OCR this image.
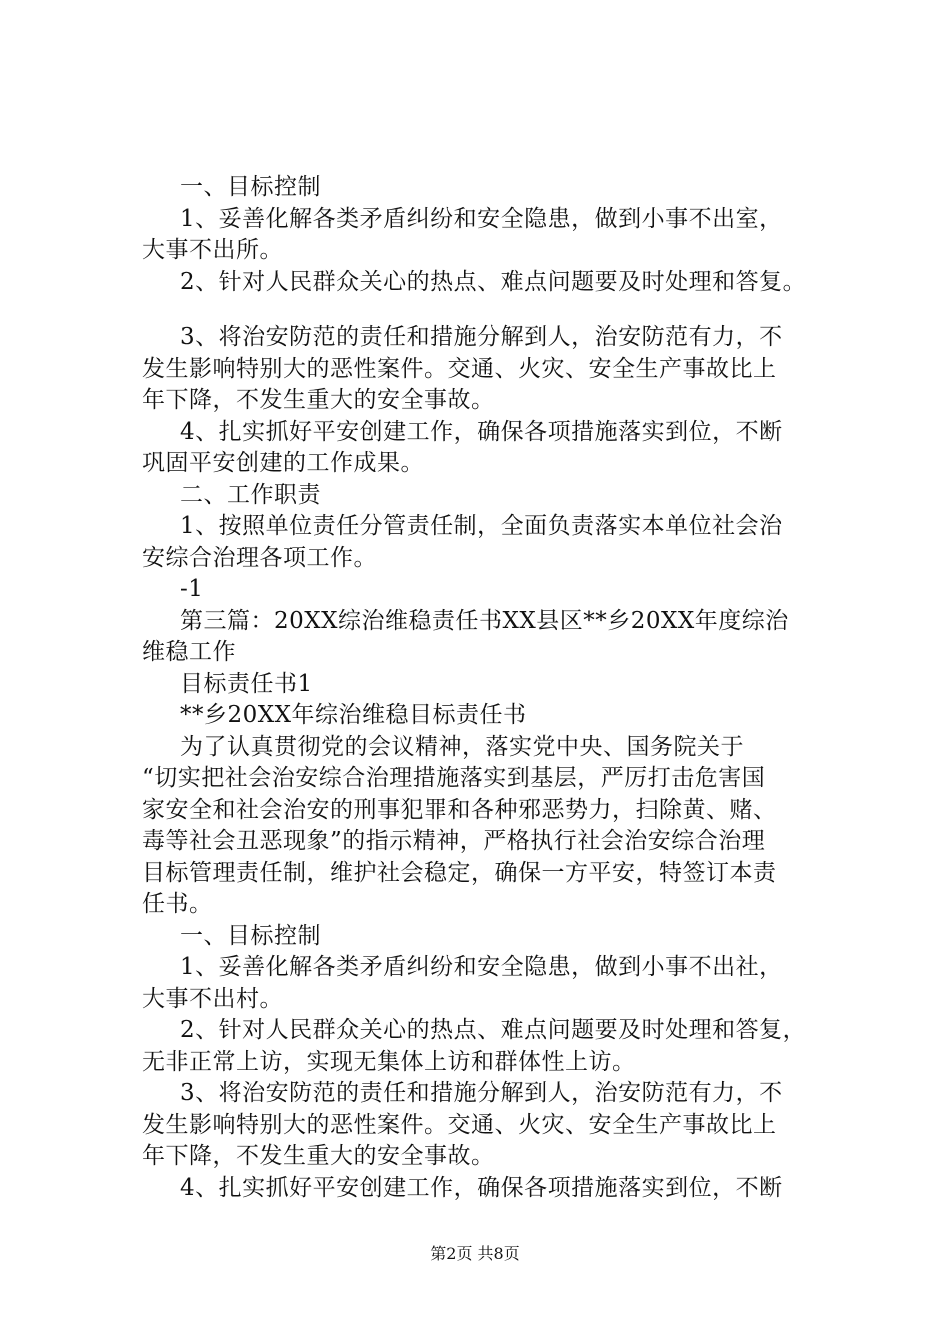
一、目标控制
1、妥善化解各类矛盾纠纷和安全隐患，做到小事不出室，
大事不出所。
2、针对人民群众关心的热点、难点问题要及时处理和答复。
3、将治安防范的责任和措施分解到人，治安防范有力，不
发生影响特别大的恶性案件。交通、火灾、安全生产事故比上
年下降，不发生重大的安全事故。
4、扎实抓好平安创建工作，确保各项措施落实到位，不断
巩固平安创建的工作成果。
二、工作职责
1、按照单位责任分管责任制，全面负责落实本单位社会治
安综合治理各项工作。
-1
第三篇：20XX综治维稳责任书XX县区**乡20XX年度综治
维稳工作
目标责任书1
**乡20XX年综治维稳目标责任书
为了认真贯彻党的会议精神，落实党中央、国务院关于
“切实把社会治安综合治理措施落实到基层，严厉打击危害国
家安全和社会治安的刑事犯罪和各种邪恶势力，扫除黄、赌、
毒等社会丑恶现象”的指示精神，严格执行社会治安综合治理
目标管理责任制，维护社会稳定，确保一方平安，特签订本责
任书。
一、目标控制
1、妥善化解各类矛盾纠纷和安全隐患，做到小事不出社，
大事不出村。
2、针对人民群众关心的热点、难点问题要及时处理和答复，
无非正常上访，实现无集体上访和群体性上访。
3、将治安防范的责任和措施分解到人，治安防范有力，不
发生影响特别大的恶性案件。交通、火灾、安全生产事故比上
年下降，不发生重大的安全事故。
4、扎实抓好平安创建工作，确保各项措施落实到位，不断
第2页 共8页
